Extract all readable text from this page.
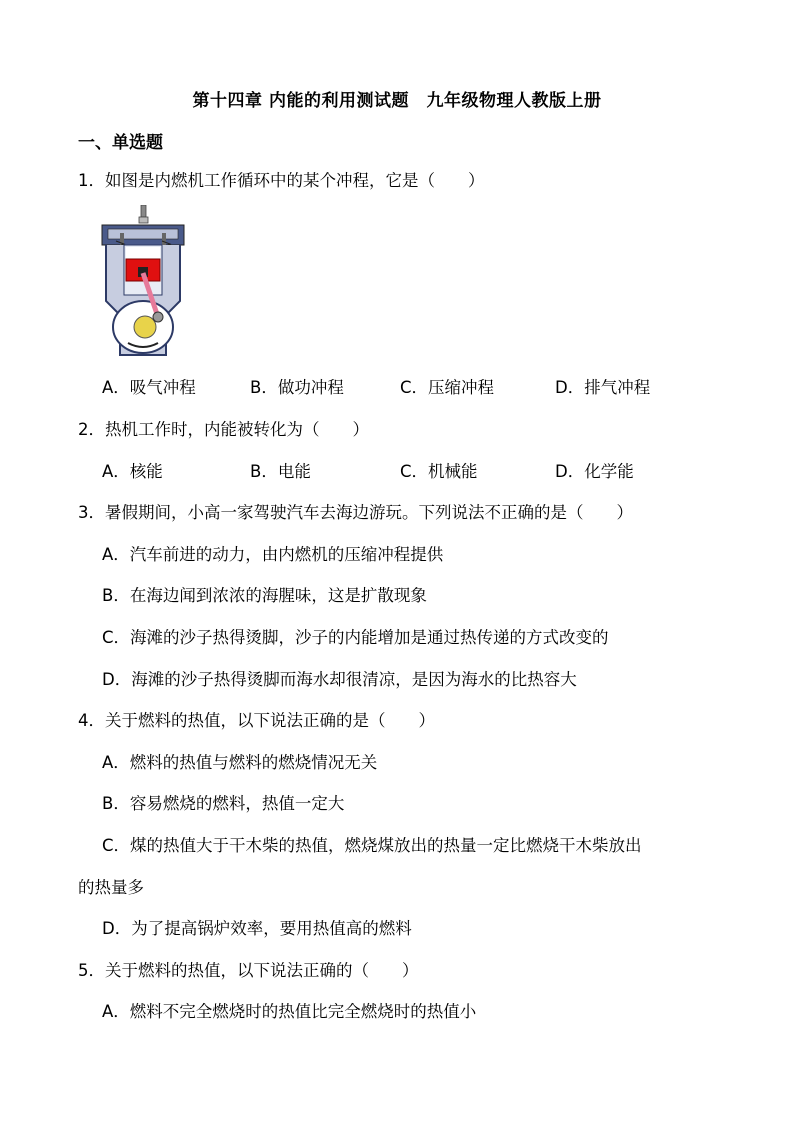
第十四章 内能的利用测试题　九年级物理人教版上册
一、单选题
1．如图是内燃机工作循环中的某个冲程，它是（　　）
A．吸气冲程	B．做功冲程	C．压缩冲程	D．排气冲程
2．热机工作时，内能被转化为（　　）
A．核能	B．电能	C．机械能	D．化学能
3．暑假期间，小高一家驾驶汽车去海边游玩。下列说法不正确的是（　　）
A．汽车前进的动力，由内燃机的压缩冲程提供
B．在海边闻到浓浓的海腥味，这是扩散现象
C．海滩的沙子热得烫脚，沙子的内能增加是通过热传递的方式改变的
D．海滩的沙子热得烫脚而海水却很清凉，是因为海水的比热容大
4．关于燃料的热值，以下说法正确的是（　　）
A．燃料的热值与燃料的燃烧情况无关
B．容易燃烧的燃料，热值一定大
C．煤的热值大于干木柴的热值，燃烧煤放出的热量一定比燃烧干木柴放出
的热量多
D．为了提高锅炉效率，要用热值高的燃料
5．关于燃料的热值，以下说法正确的（　　）
A．燃料不完全燃烧时的热值比完全燃烧时的热值小
